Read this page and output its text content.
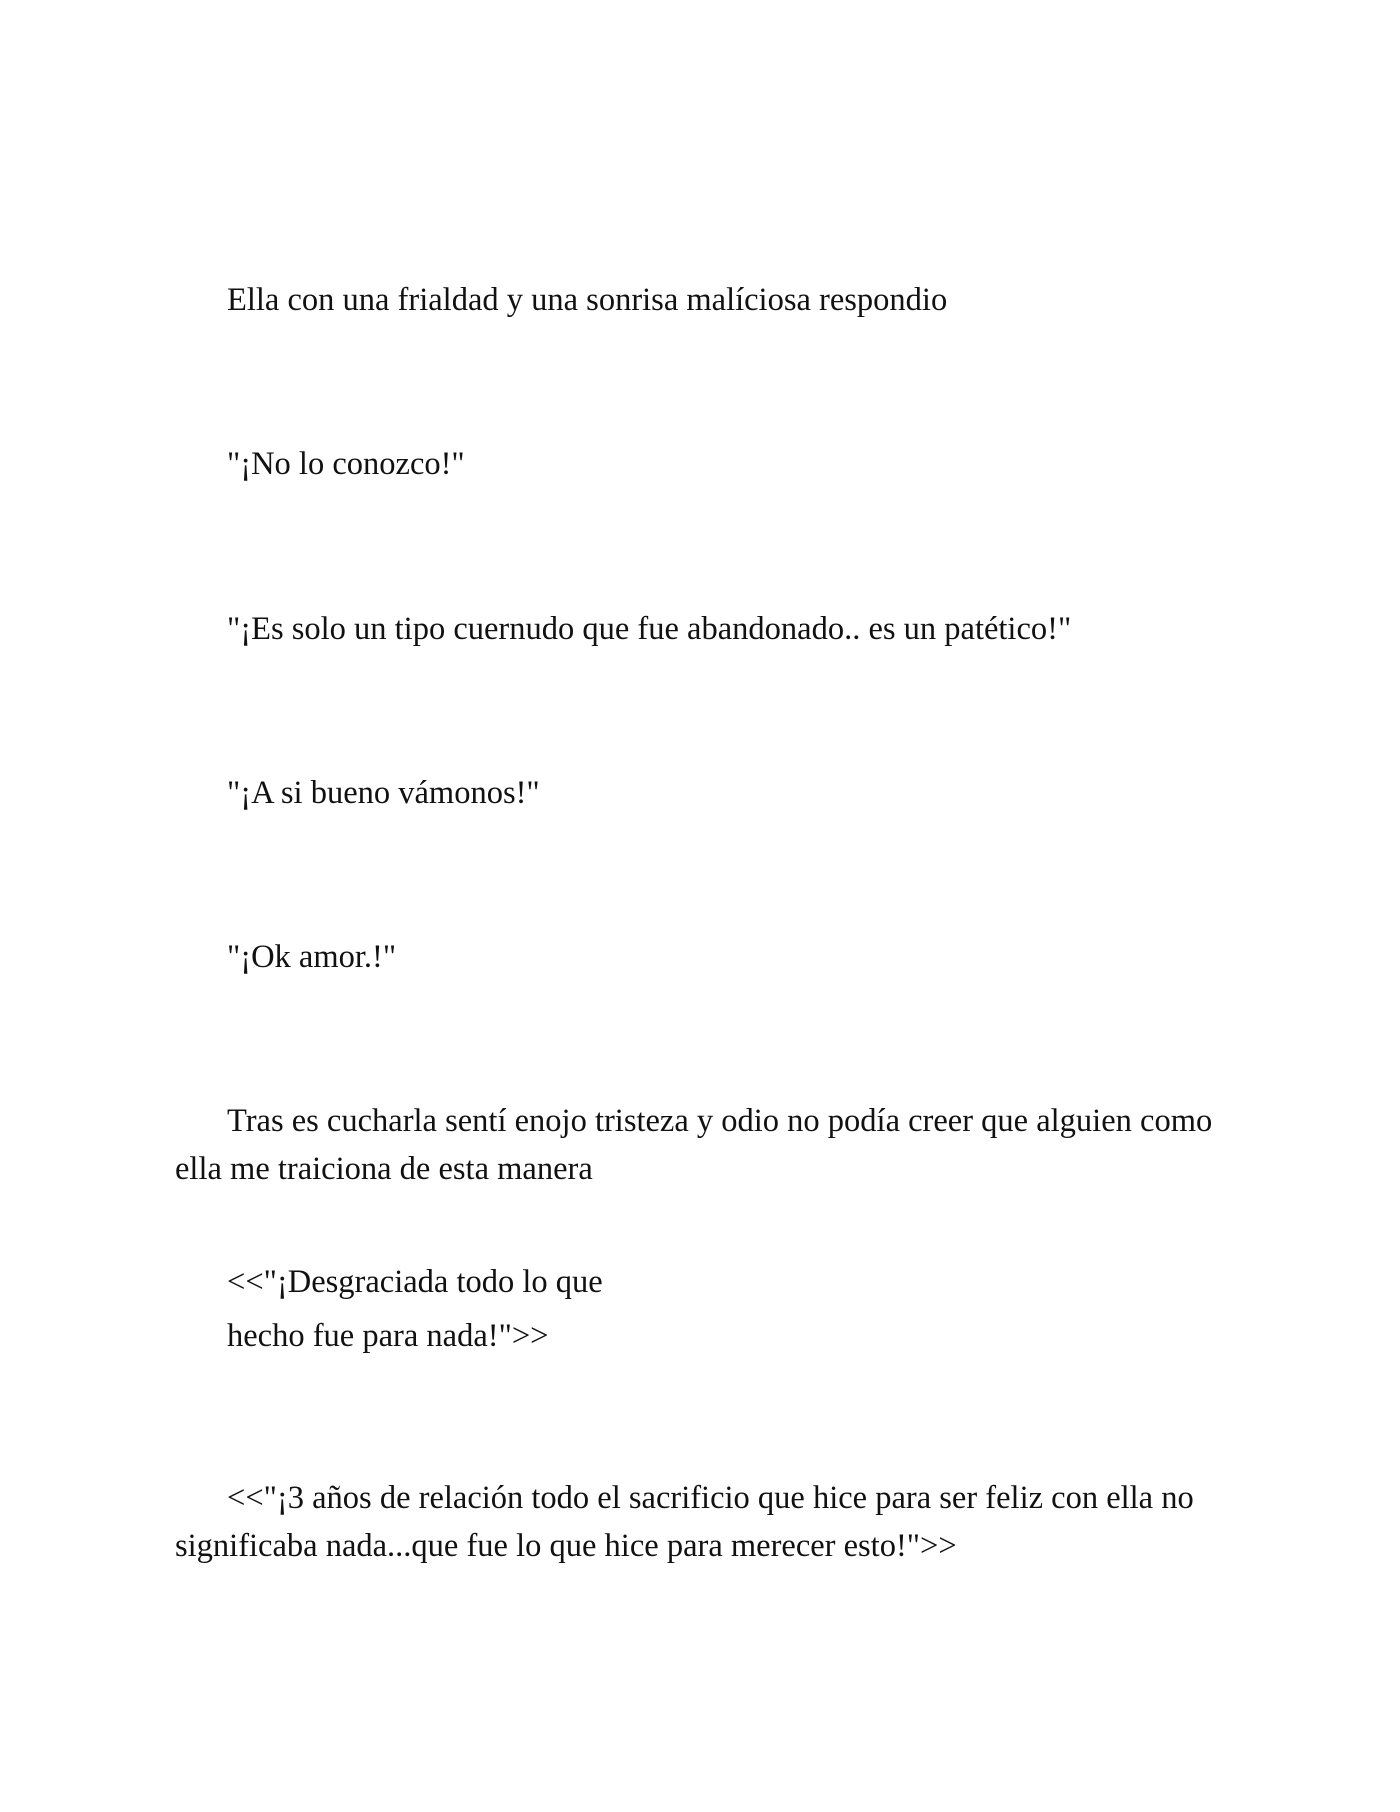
Ella con una frialdad y una sonrisa malíciosa respondio

"¡No lo conozco!"

"¡Es solo un tipo cuernudo que fue abandonado.. es un patético!"

"¡A si bueno vámonos!"

"¡Ok amor.!"

Tras es cucharla sentí enojo tristeza y odio no podía creer que alguien como ella me traiciona de esta manera

<<"¡Desgraciada todo lo que
hecho fue para nada!">>

<<"¡3 años de relación todo el sacrificio que hice para ser feliz con ella no significaba nada...que fue lo que hice para merecer esto!">>
